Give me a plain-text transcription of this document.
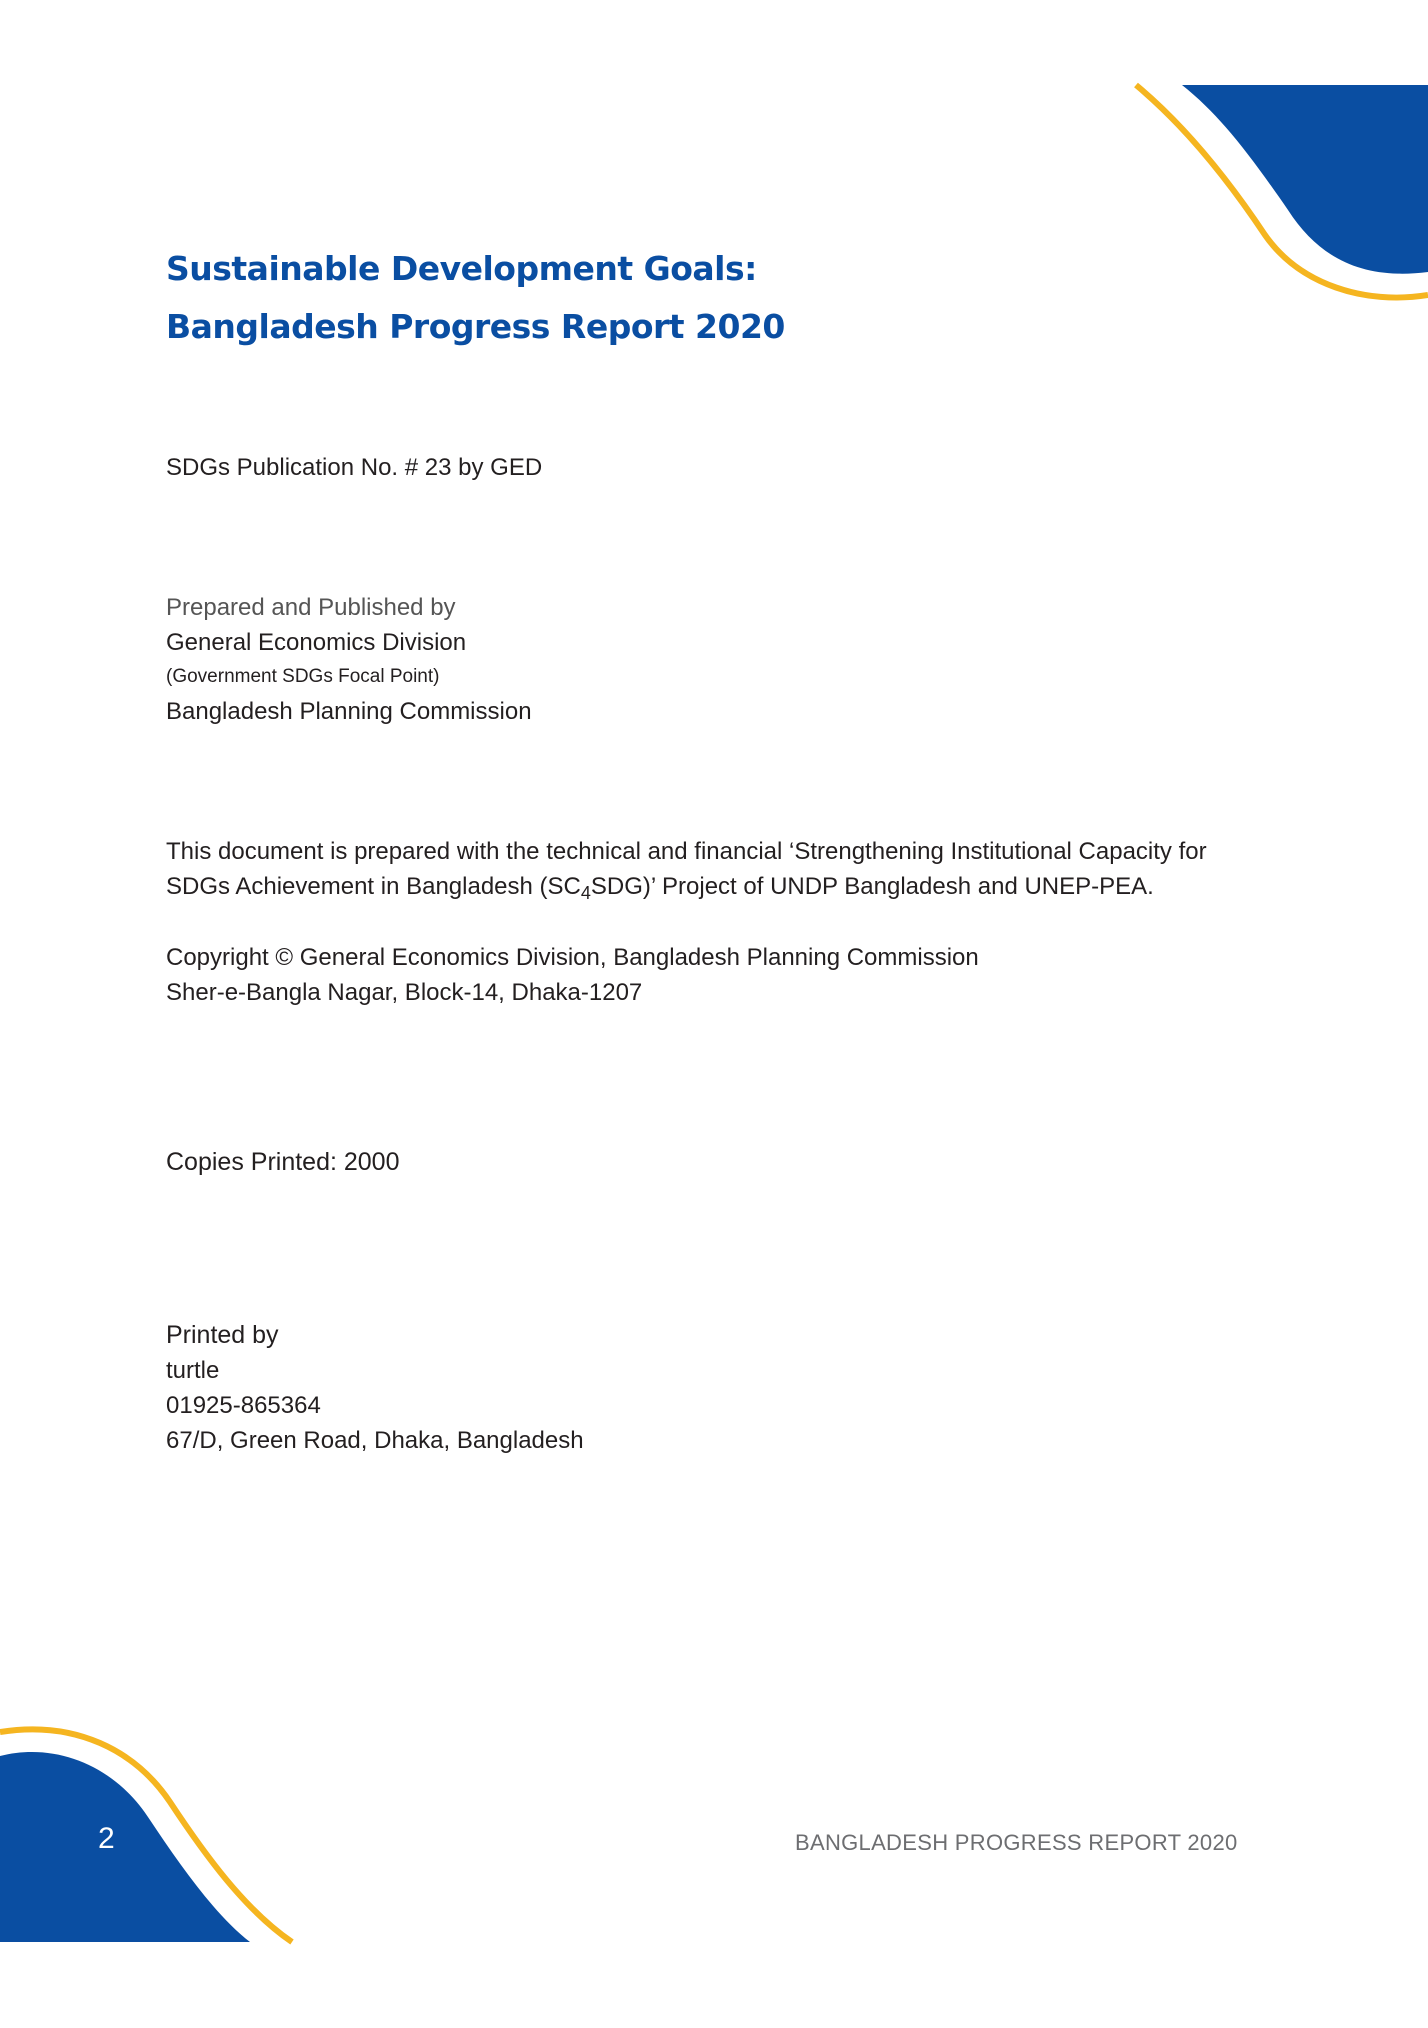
Sustainable Development Goals:
Bangladesh Progress Report 2020
SDGs Publication No. # 23 by GED
Prepared and Published by
General Economics Division
(Government SDGs Focal Point)
Bangladesh Planning Commission
This document is prepared with the technical and financial ‘Strengthening Institutional Capacity for
SDGs Achievement in Bangladesh $(SC_4SDG)$’ Project of UNDP Bangladesh and UNEP-PEA.
Copyright © General Economics Division, Bangladesh Planning Commission
Sher-e-Bangla Nagar, Block-14, Dhaka-1207
Copies Printed: 2000
Printed by
turtle
01925-865364
67/D, Green Road, Dhaka, Bangladesh
2	BANGLADESH PROGRESS REPORT 2020
